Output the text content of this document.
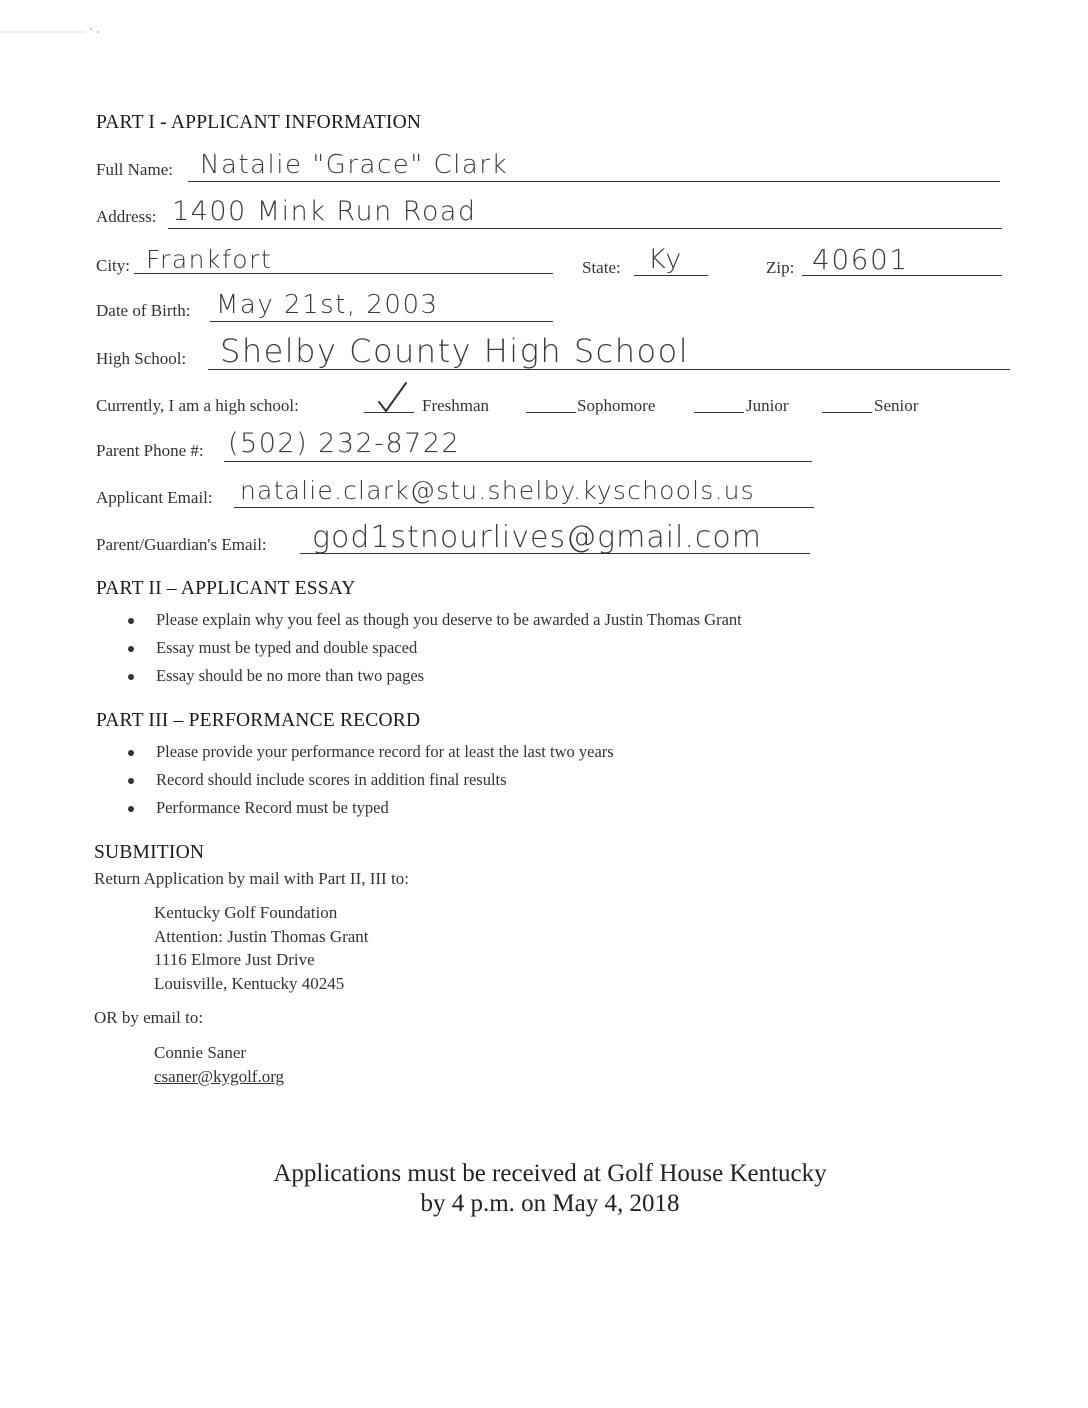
PART I - APPLICANT INFORMATION
Full Name: Natalie "Grace" Clark
Address: 1400 Mink Run Road
City: Frankfort	State: Ky	Zip: 40601
Date of Birth: May 21st, 2003
High School: Shelby County High School
Currently, I am a high school:	Freshman	Sophomore	Junior	Senior
Parent Phone #: (502) 232-8722
Applicant Email: natalie.clark@stu.shelby.kyschools.us
Parent/Guardian's Email: god1stnourlives@gmail.com
PART II – APPLICANT ESSAY
Please explain why you feel as though you deserve to be awarded a Justin Thomas Grant
Essay must be typed and double spaced
Essay should be no more than two pages
PART III – PERFORMANCE RECORD
Please provide your performance record for at least the last two years
Record should include scores in addition final results
Performance Record must be typed
SUBMITION
Return Application by mail with Part II, III to:
Kentucky Golf Foundation
Attention: Justin Thomas Grant
1116 Elmore Just Drive
Louisville, Kentucky 40245
OR by email to:
Connie Saner
csaner@kygolf.org
Applications must be received at Golf House Kentucky
by 4 p.m. on May 4, 2018
